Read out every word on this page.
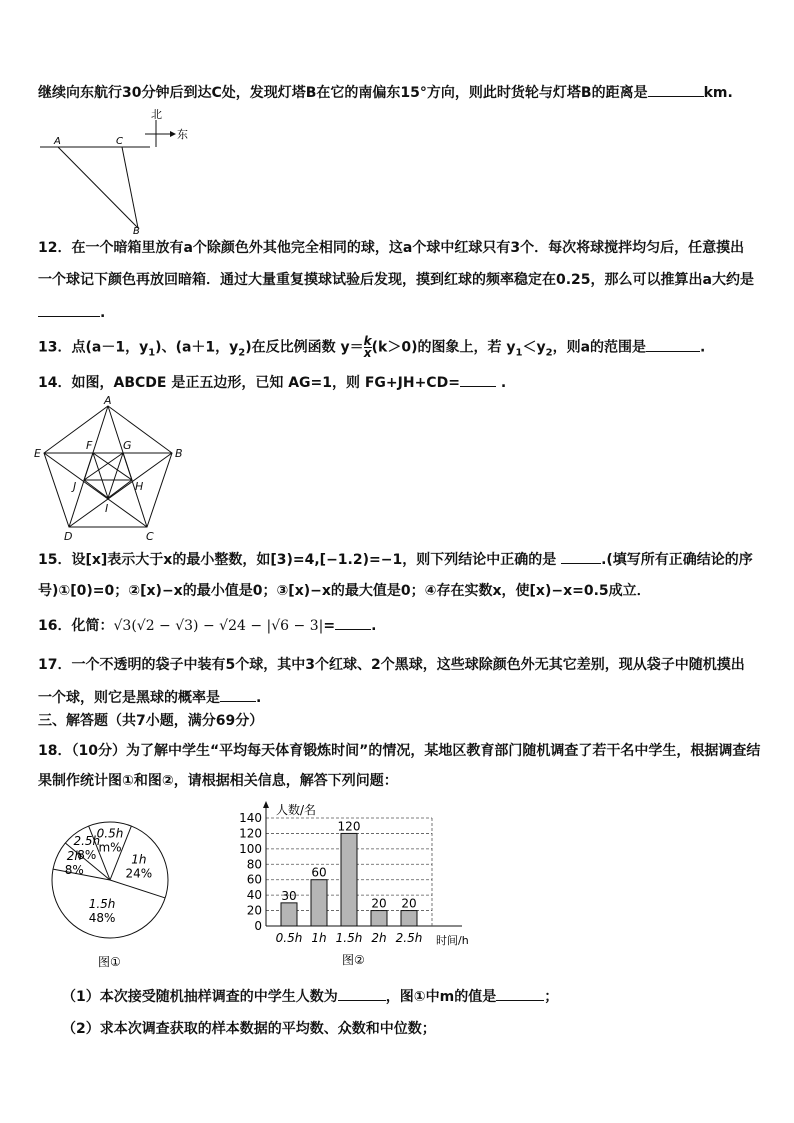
继续向东航行30分钟后到达C处，发现灯塔B在它的南偏东15°方向，则此时货轮与灯塔B的距离是	km.
北
东
A	C
B
12．在一个暗箱里放有a个除颜色外其他完全相同的球，这a个球中红球只有3个．每次将球搅拌均匀后，任意摸出
一个球记下颜色再放回暗箱．通过大量重复摸球试验后发现，摸到红球的频率稳定在0.25，那么可以推算出a大约是
.
13．点(a－1，$y_1$)、(a＋1，$y_2$)在反比例函数 $y= \frac{k}{x} (k>0)$的图象上，若 $y_1<y_2$，则a的范围是	.
14．如图，ABCDE 是正五边形，已知 AG=1，则 FG+JH+CD=	.
A
B
C
D
E
F	G
H
I
J
15．设[x]表示大于x的最小整数，如[3)=4,[−1.2)=−1，则下列结论中正确的是	.(填写所有正确结论的序
号)①[0)=0；②[x)−x的最小值是0；③[x)−x的最大值是0；④存在实数x，使[x)−x=0.5成立．
16．化简：√3(√2 − √3) − √24 − |√6 − 3|=	.
17．一个不透明的袋子中装有5个球，其中3个红球、2个黑球，这些球除颜色外无其它差别，现从袋子中随机摸出
一个球，则它是黑球的概率是	.
三、解答题（共7小题，满分69分）
18．（10分）为了解中学生“平均每天体育锻炼时间”的情况，某地区教育部门随机调查了若干名中学生，根据调查结
果制作统计图①和图②，请根据相关信息，解答下列问题：
1.5h
48%
1h
24%
0.5h
m%
2.5h
8%
2h
8%
图①
30
60
120
20 20
0
20
40
60
80
100
120
140
0.5h 1h 1.5h 2h 2.5h
人数/名
时间/h
图②
（1）本次接受随机抽样调查的中学生人数为	，图①中m的值是	；
（2）求本次调查获取的样本数据的平均数、众数和中位数；
